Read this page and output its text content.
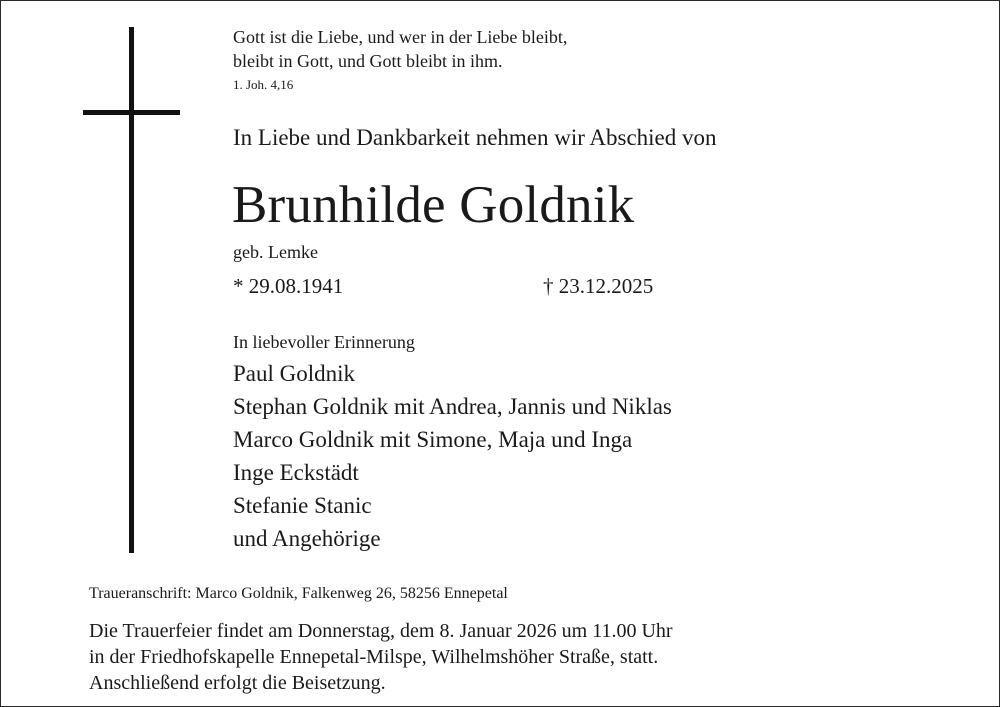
Gott ist die Liebe, und wer in der Liebe bleibt,
bleibt in Gott, und Gott bleibt in ihm.
1. Joh. 4,16
In Liebe und Dankbarkeit nehmen wir Abschied von
Brunhilde Goldnik
geb. Lemke
* 29.08.1941	† 23.12.2025
In liebevoller Erinnerung
Paul Goldnik
Stephan Goldnik mit Andrea, Jannis und Niklas
Marco Goldnik mit Simone, Maja und Inga
Inge Eckstädt
Stefanie Stanic
und Angehörige
Traueranschrift: Marco Goldnik, Falkenweg 26, 58256 Ennepetal
Die Trauerfeier findet am Donnerstag, dem 8. Januar 2026 um 11.00 Uhr
in der Friedhofskapelle Ennepetal-Milspe, Wilhelmshöher Straße, statt.
Anschließend erfolgt die Beisetzung.
